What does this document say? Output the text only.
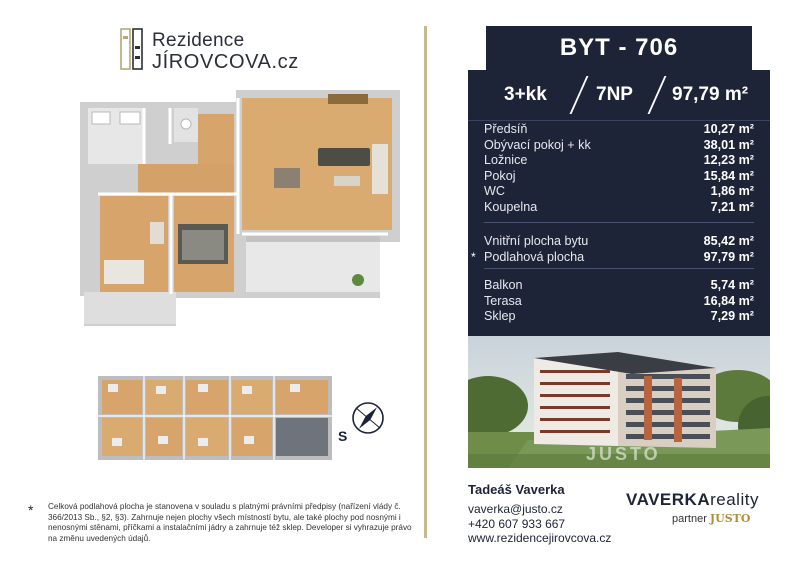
Rezidence
JÍROVCOVA.cz
S
* Celková podlahová plocha je stanovena v souladu s platnými právními předpisy (nařízení vlády č. 366/2013 Sb., §2, §3). Zahrnuje nejen plochy všech místností bytu, ale také plochy pod nosnými i nenosnými stěnami, příčkami a instalačními jádry a zahrnuje též sklep. Developer si vyhrazuje právo na změnu uvedených údajů.
BYT - 706
3+kk	7NP 97,79 m²
Předsíň	10,27 m²
Obývací pokoj + kk	38,01 m²
Ložnice	12,23 m²
Pokoj	15,84 m²
WC	1,86 m²
Koupelna	7,21 m²
Vnitřní plocha bytu	85,42 m²
* Podlahová plocha	97,79 m²
Balkon	5,74 m²
Terasa	16,84 m²
Sklep	7,29 m²
JUSTO
Tadeáš Vaverka
vaverka@justo.cz
+420 607 933 667
www.rezidencejirovcova.cz
VAVERKAreality
partner JUSTO
